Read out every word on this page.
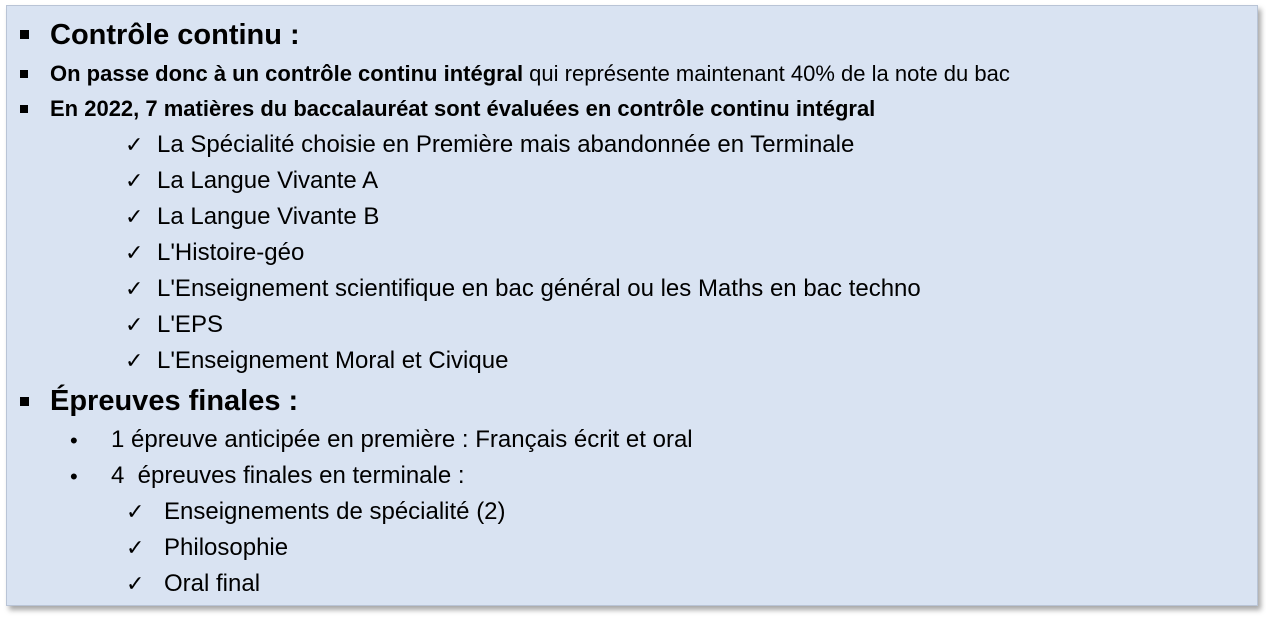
Contrôle continu :
On passe donc à un contrôle continu intégral qui représente maintenant 40% de la note du bac
En 2022, 7 matières du baccalauréat sont évaluées en contrôle continu intégral
✓ La Spécialité choisie en Première mais abandonnée en Terminale
✓ La Langue Vivante A
✓ La Langue Vivante B
✓ L'Histoire-géo
✓ L'Enseignement scientifique en bac général ou les Maths en bac techno
✓ L'EPS
✓ L'Enseignement Moral et Civique
Épreuves finales :
• 1 épreuve anticipée en première : Français écrit et oral
• 4  épreuves finales en terminale :
✓ Enseignements de spécialité (2)
✓ Philosophie
✓ Oral final
